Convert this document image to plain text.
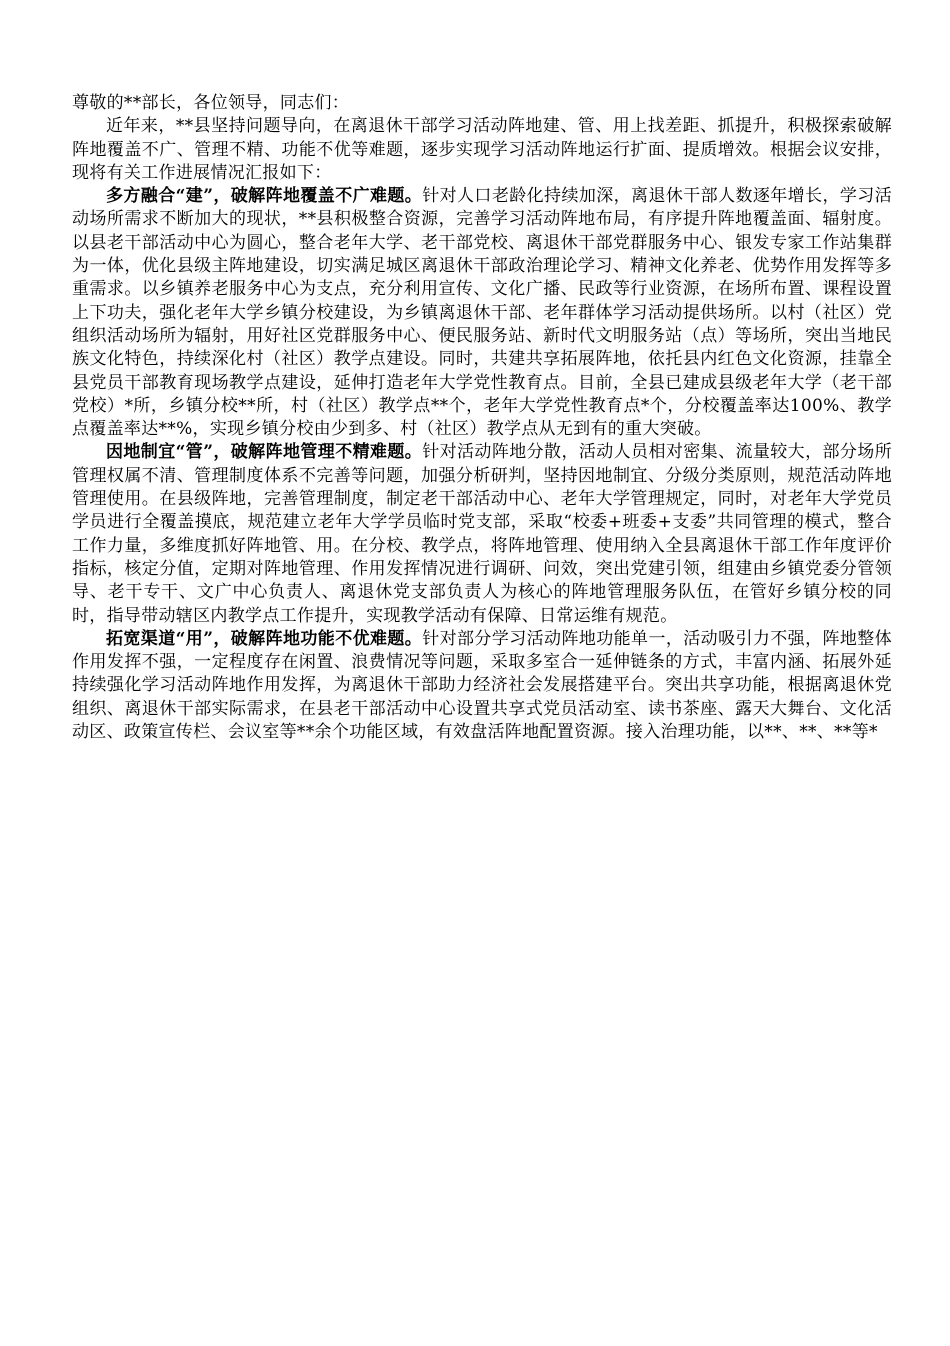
尊敬的**部长，各位领导，同志们：

近年来，**县坚持问题导向，在离退休干部学习活动阵地建、管、用上找差距、抓提升，积极探索破解阵地覆盖不广、管理不精、功能不优等难题，逐步实现学习活动阵地运行扩面、提质增效。根据会议安排，现将有关工作进展情况汇报如下：

多方融合“建”，破解阵地覆盖不广难题。针对人口老龄化持续加深，离退休干部人数逐年增长，学习活动场所需求不断加大的现状，**县积极整合资源，完善学习活动阵地布局，有序提升阵地覆盖面、辐射度。以县老干部活动中心为圆心，整合老年大学、老干部党校、离退休干部党群服务中心、银发专家工作站集群为一体，优化县级主阵地建设，切实满足城区离退休干部政治理论学习、精神文化养老、优势作用发挥等多重需求。以乡镇养老服务中心为支点，充分利用宣传、文化广播、民政等行业资源，在场所布置、课程设置上下功夫，强化老年大学乡镇分校建设，为乡镇离退休干部、老年群体学习活动提供场所。以村（社区）党组织活动场所为辐射，用好社区党群服务中心、便民服务站、新时代文明服务站（点）等场所，突出当地民族文化特色，持续深化村（社区）教学点建设。同时，共建共享拓展阵地，依托县内红色文化资源，挂靠全县党员干部教育现场教学点建设，延伸打造老年大学党性教育点。目前，全县已建成县级老年大学（老干部党校）*所，乡镇分校**所，村（社区）教学点**个，老年大学党性教育点*个，分校覆盖率达100%、教学点覆盖率达**%，实现乡镇分校由少到多、村（社区）教学点从无到有的重大突破。

因地制宜“管”，破解阵地管理不精难题。针对活动阵地分散，活动人员相对密集、流量较大，部分场所管理权属不清、管理制度体系不完善等问题，加强分析研判，坚持因地制宜、分级分类原则，规范活动阵地管理使用。在县级阵地，完善管理制度，制定老干部活动中心、老年大学管理规定，同时，对老年大学党员学员进行全覆盖摸底，规范建立老年大学学员临时党支部，采取“校委+班委+支委”共同管理的模式，整合工作力量，多维度抓好阵地管、用。在分校、教学点，将阵地管理、使用纳入全县离退休干部工作年度评价指标，核定分值，定期对阵地管理、作用发挥情况进行调研、问效，突出党建引领，组建由乡镇党委分管领导、老干专干、文广中心负责人、离退休党支部负责人为核心的阵地管理服务队伍，在管好乡镇分校的同时，指导带动辖区内教学点工作提升，实现教学活动有保障、日常运维有规范。

拓宽渠道“用”，破解阵地功能不优难题。针对部分学习活动阵地功能单一，活动吸引力不强，阵地整体作用发挥不强，一定程度存在闲置、浪费情况等问题，采取多室合一延伸链条的方式，丰富内涵、拓展外延持续强化学习活动阵地作用发挥，为离退休干部助力经济社会发展搭建平台。突出共享功能，根据离退休党组织、离退休干部实际需求，在县老干部活动中心设置共享式党员活动室、读书茶座、露天大舞台、文化活动区、政策宣传栏、会议室等**余个功能区域，有效盘活阵地配置资源。接入治理功能，以**、**、**等*
